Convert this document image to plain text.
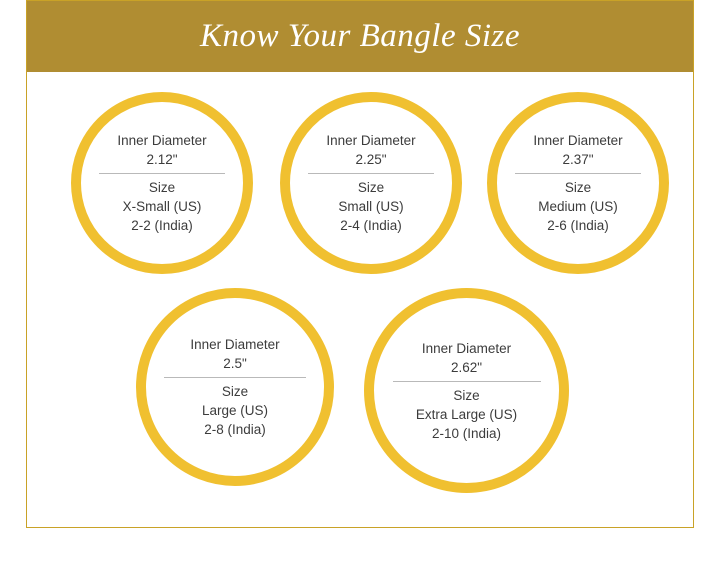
Know Your Bangle Size
Inner Diameter
2.12"
Size
X-Small (US)
2-2 (India)
Inner Diameter
2.25"
Size
Small (US)
2-4 (India)
Inner Diameter
2.37"
Size
Medium (US)
2-6 (India)
Inner Diameter
2.5"
Size
Large (US)
2-8 (India)
Inner Diameter
2.62"
Size
Extra Large (US)
2-10 (India)
